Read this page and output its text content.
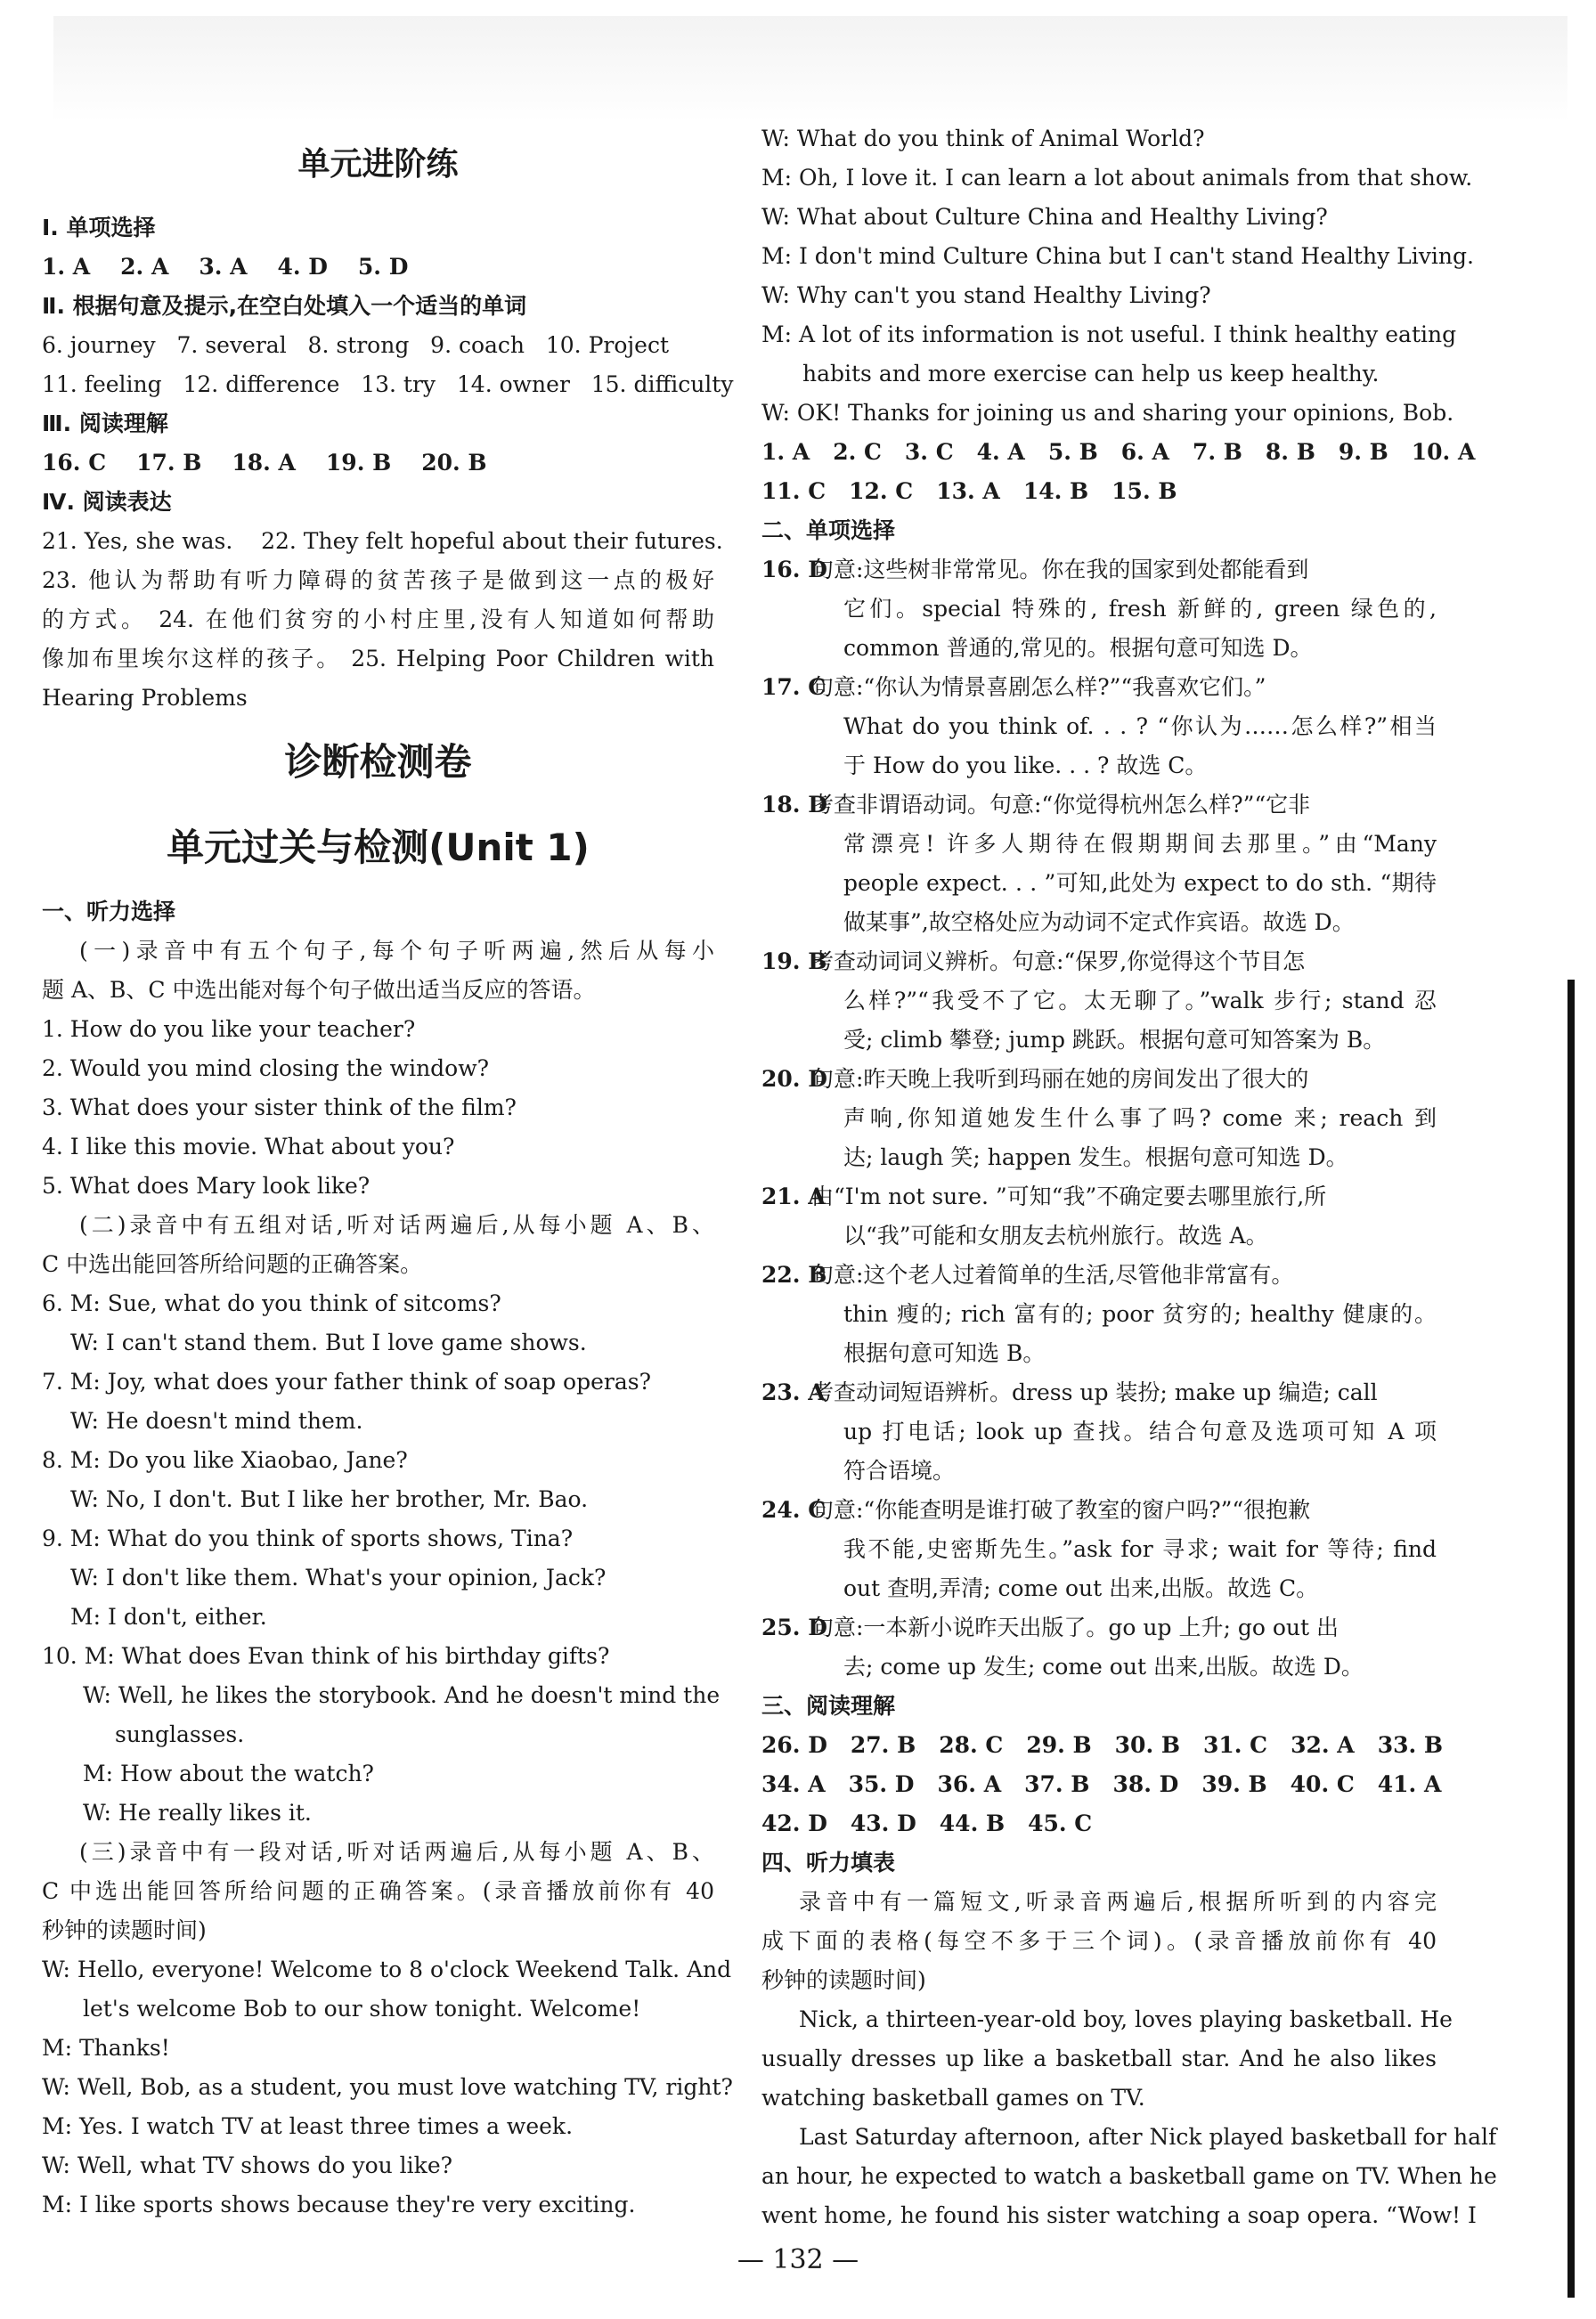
单元进阶练
Ⅰ. 单项选择
1. A 2. A 3. A 4. D 5. D
Ⅱ. 根据句意及提示,在空白处填入一个适当的单词
6. journey   7. several   8. strong   9. coach   10. Project
11. feeling   12. difference   13. try   14. owner   15. difficulty
Ⅲ. 阅读理解
16. C 17. B 18. A 19. B 20. B
Ⅳ. 阅读表达
21. Yes, she was.    22. They felt hopeful about their futures.
23. 他认为帮助有听力障碍的贫苦孩子是做到这一点的极好
的方式。 24. 在他们贫穷的小村庄里,没有人知道如何帮助
像加布里埃尔这样的孩子。 25. Helping Poor Children with
Hearing Problems
诊断检测卷
单元过关与检测(Unit 1)
一、听力选择
(一)录音中有五个句子,每个句子听两遍,然后从每小
题 A、B、C 中选出能对每个句子做出适当反应的答语。
1. How do you like your teacher?
2. Would you mind closing the window?
3. What does your sister think of the film?
4. I like this movie. What about you?
5. What does Mary look like?
(二)录音中有五组对话,听对话两遍后,从每小题 A、B、
C 中选出能回答所给问题的正确答案。
6. M: Sue, what do you think of sitcoms?
W: I can't stand them. But I love game shows.
7. M: Joy, what does your father think of soap operas?
W: He doesn't mind them.
8. M: Do you like Xiaobao, Jane?
W: No, I don't. But I like her brother, Mr. Bao.
9. M: What do you think of sports shows, Tina?
W: I don't like them. What's your opinion, Jack?
M: I don't, either.
10. M: What does Evan think of his birthday gifts?
W: Well, he likes the storybook. And he doesn't mind the
sunglasses.
M: How about the watch?
W: He really likes it.
(三)录音中有一段对话,听对话两遍后,从每小题 A、B、
C 中选出能回答所给问题的正确答案。(录音播放前你有 40
秒钟的读题时间)
W: Hello, everyone! Welcome to 8 o'clock Weekend Talk. And
let's welcome Bob to our show tonight. Welcome!
M: Thanks!
W: Well, Bob, as a student, you must love watching TV, right?
M: Yes. I watch TV at least three times a week.
W: Well, what TV shows do you like?
M: I like sports shows because they're very exciting.
W: What do you think of Animal World?
M: Oh, I love it. I can learn a lot about animals from that show.
W: What about Culture China and Healthy Living?
M: I don't mind Culture China but I can't stand Healthy Living.
W: Why can't you stand Healthy Living?
M: A lot of its information is not useful. I think healthy eating
habits and more exercise can help us keep healthy.
W: OK! Thanks for joining us and sharing your opinions, Bob.
1. A 2. C 3. C 4. A 5. B 6. A 7. B 8. B 9. B 10. A
11. C 12. C 13. A 14. B 15. B
二、单项选择
16. D句意:这些树非常常见。你在我的国家到处都能看到
它们。special 特殊的, fresh 新鲜的, green 绿色的,
common 普通的,常见的。根据句意可知选 D。
17. C句意:“你认为情景喜剧怎么样?”“我喜欢它们。”
What do you think of. . . ? “你认为……怎么样?”相当
于 How do you like. . . ? 故选 C。
18. D考查非谓语动词。句意:“你觉得杭州怎么样?”“它非
常漂亮! 许多人期待在假期期间去那里。”由“Many
people expect. . . ”可知,此处为 expect to do sth. “期待
做某事”,故空格处应为动词不定式作宾语。故选 D。
19. B考查动词词义辨析。句意:“保罗,你觉得这个节目怎
么样?”“我受不了它。太无聊了。”walk 步行; stand 忍
受; climb 攀登; jump 跳跃。根据句意可知答案为 B。
20. D句意:昨天晚上我听到玛丽在她的房间发出了很大的
声响,你知道她发生什么事了吗? come 来; reach 到
达; laugh 笑; happen 发生。根据句意可知选 D。
21. A由“I'm not sure. ”可知“我”不确定要去哪里旅行,所
以“我”可能和女朋友去杭州旅行。故选 A。
22. B句意:这个老人过着简单的生活,尽管他非常富有。
thin 瘦的; rich 富有的; poor 贫穷的; healthy 健康的。
根据句意可知选 B。
23. A考查动词短语辨析。dress up 装扮; make up 编造; call
up 打电话; look up 查找。结合句意及选项可知 A 项
符合语境。
24. C句意:“你能查明是谁打破了教室的窗户吗?”“很抱歉
我不能,史密斯先生。”ask for 寻求; wait for 等待; find
out 查明,弄清; come out 出来,出版。故选 C。
25. D句意:一本新小说昨天出版了。go up 上升; go out 出
去; come up 发生; come out 出来,出版。故选 D。
三、阅读理解
26. D 27. B 28. C 29. B 30. B 31. C 32. A 33. B
34. A 35. D 36. A 37. B 38. D 39. B 40. C 41. A
42. D 43. D 44. B 45. C
四、听力填表
录音中有一篇短文,听录音两遍后,根据所听到的内容完
成下面的表格(每空不多于三个词)。(录音播放前你有 40
秒钟的读题时间)
Nick, a thirteen-year-old boy, loves playing basketball. He
usually dresses up like a basketball star. And he also likes
watching basketball games on TV.
Last Saturday afternoon, after Nick played basketball for half
an hour, he expected to watch a basketball game on TV. When he
went home, he found his sister watching a soap opera. “Wow! I
— 132 —
